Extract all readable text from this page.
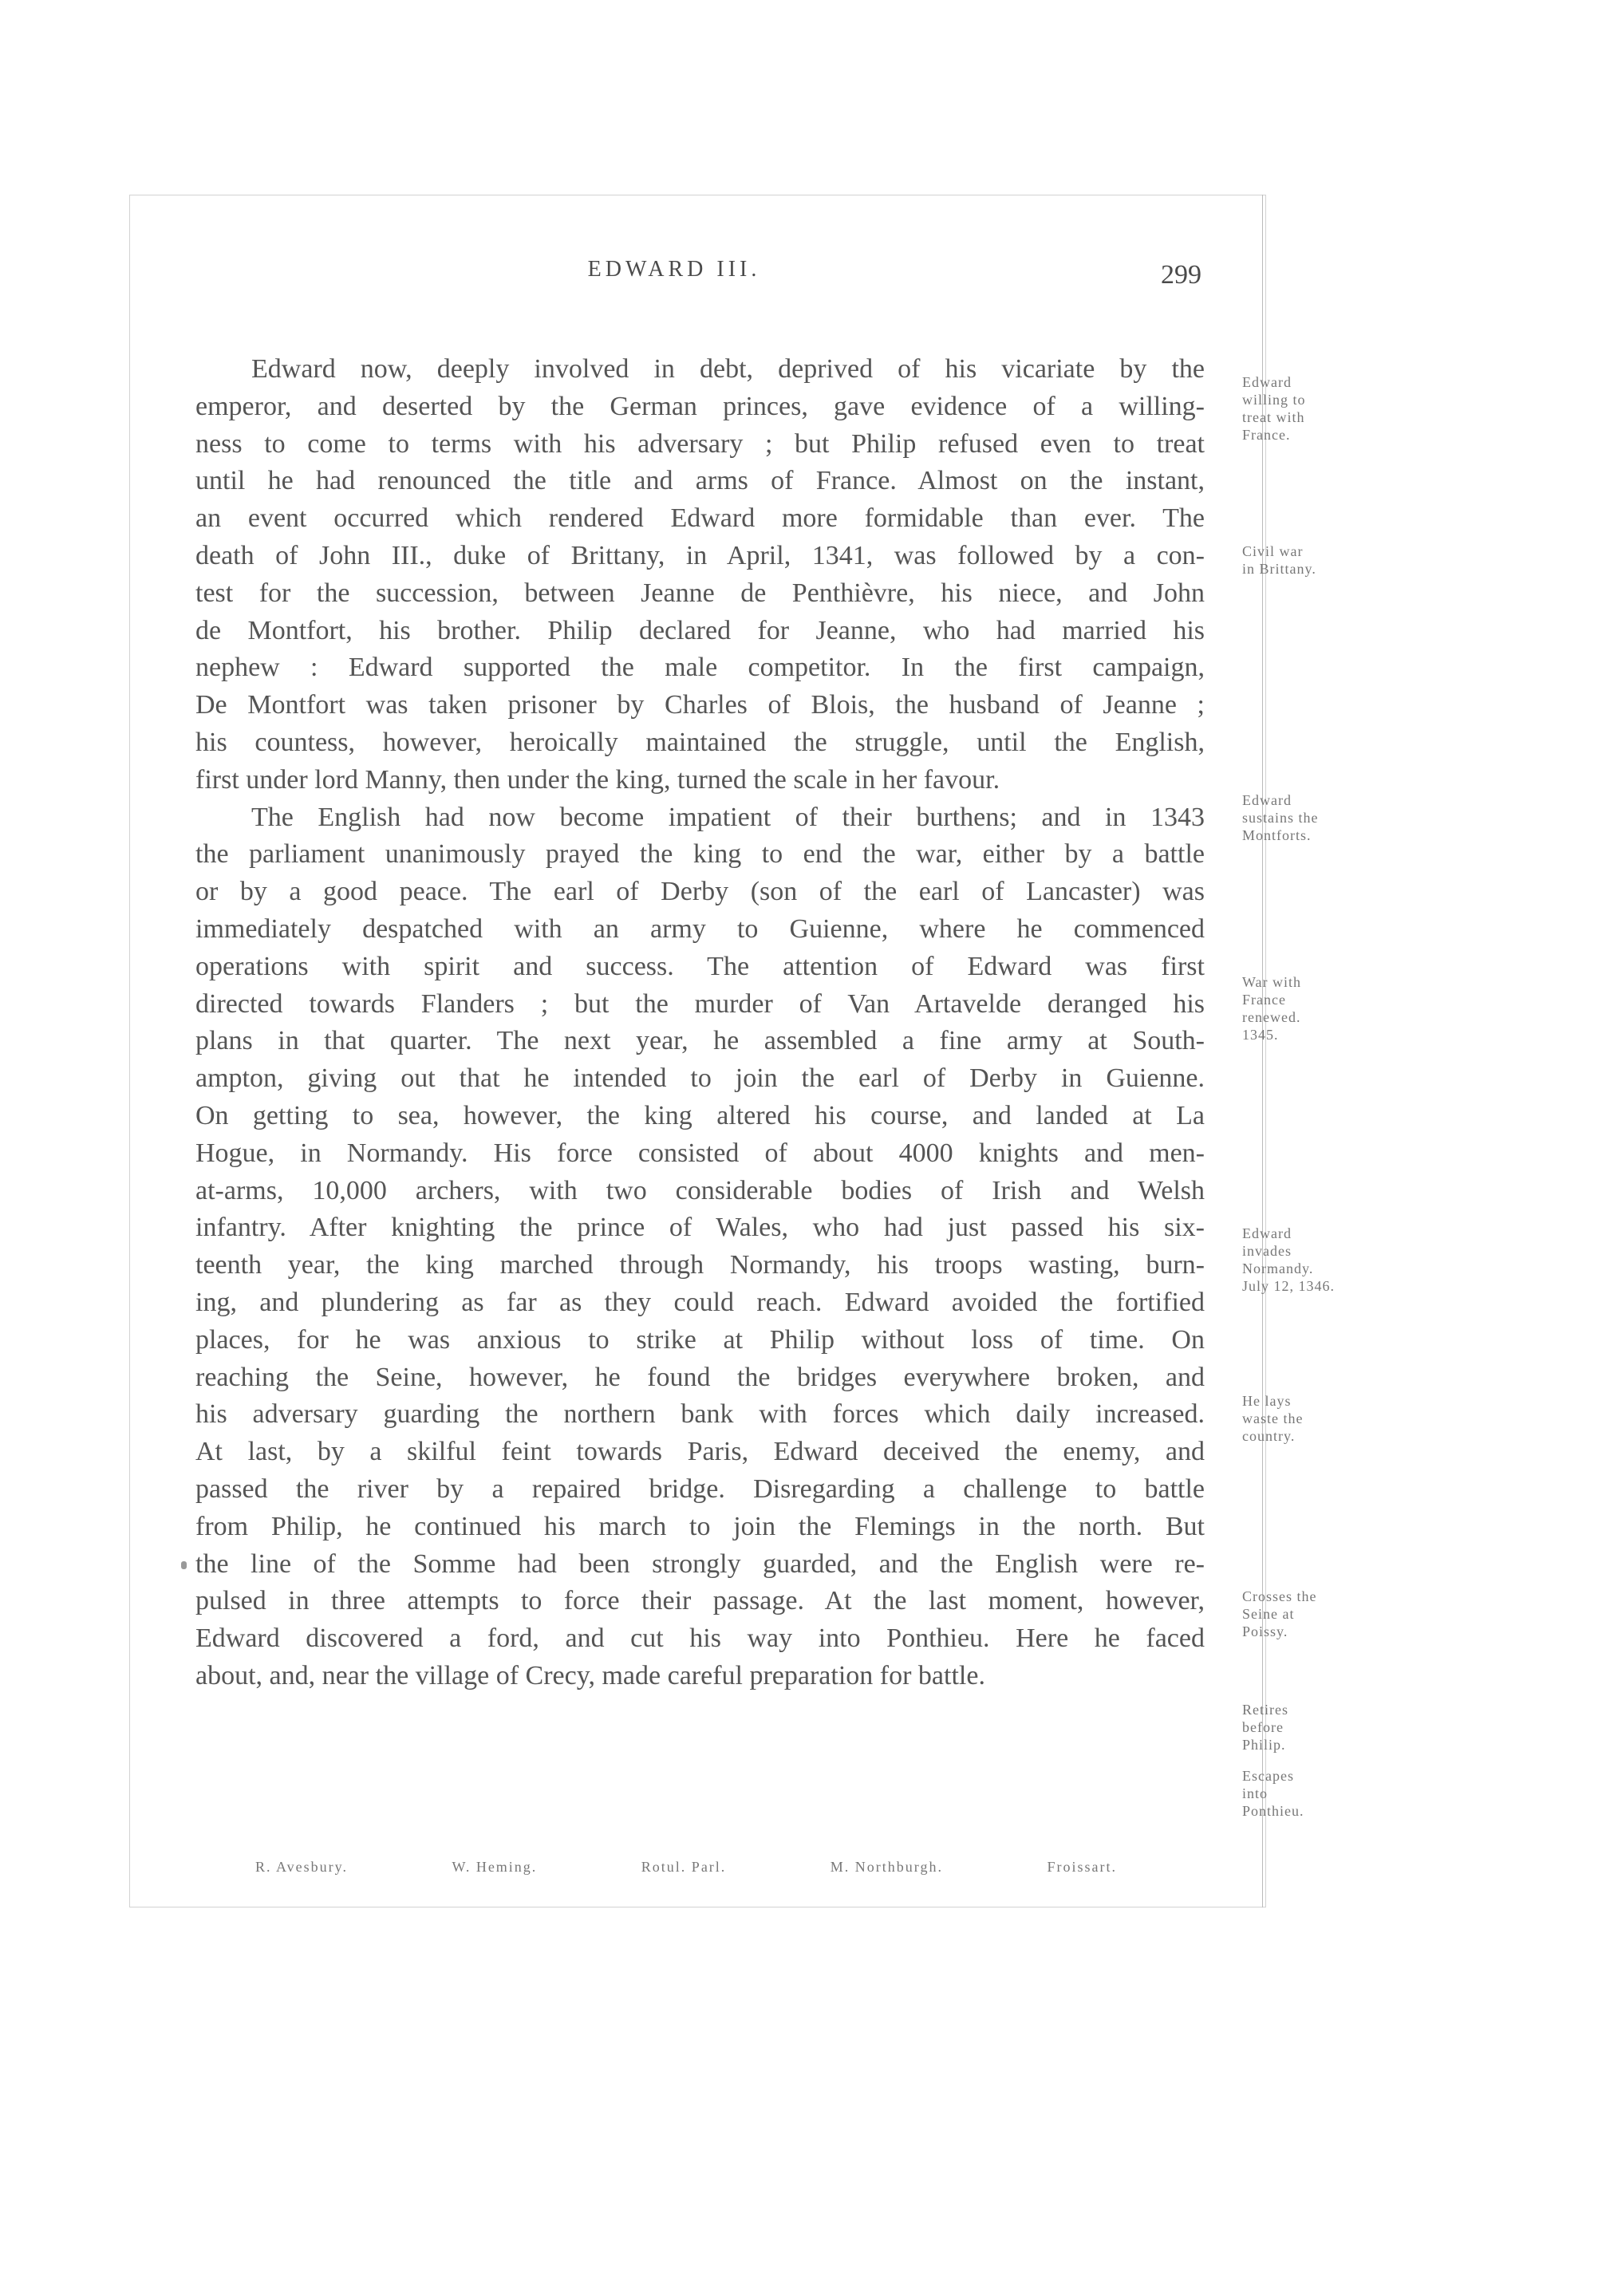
EDWARD III.	299
Edward now, deeply involved in debt, deprived of his vicariate by the
emperor, and deserted by the German princes, gave evidence of a willing-
ness to come to terms with his adversary ; but Philip refused even to treat
until he had renounced the title and arms of France. Almost on the instant,
an event occurred which rendered Edward more formidable than ever. The
death of John III., duke of Brittany, in April, 1341, was followed by a con-
test for the succession, between Jeanne de Penthièvre, his niece, and John
de Montfort, his brother. Philip declared for Jeanne, who had married his
nephew : Edward supported the male competitor. In the first campaign,
De Montfort was taken prisoner by Charles of Blois, the husband of Jeanne ;
his countess, however, heroically maintained the struggle, until the English,
first under lord Manny, then under the king, turned the scale in her favour.
The English had now become impatient of their burthens; and in 1343
the parliament unanimously prayed the king to end the war, either by a battle
or by a good peace. The earl of Derby (son of the earl of Lancaster) was
immediately despatched with an army to Guienne, where he commenced
operations with spirit and success. The attention of Edward was first
directed towards Flanders ; but the murder of Van Artavelde deranged his
plans in that quarter. The next year, he assembled a fine army at South-
ampton, giving out that he intended to join the earl of Derby in Guienne.
On getting to sea, however, the king altered his course, and landed at La
Hogue, in Normandy. His force consisted of about 4000 knights and men-
at-arms, 10,000 archers, with two considerable bodies of Irish and Welsh
infantry. After knighting the prince of Wales, who had just passed his six-
teenth year, the king marched through Normandy, his troops wasting, burn-
ing, and plundering as far as they could reach. Edward avoided the fortified
places, for he was anxious to strike at Philip without loss of time. On
reaching the Seine, however, he found the bridges everywhere broken, and
his adversary guarding the northern bank with forces which daily increased.
At last, by a skilful feint towards Paris, Edward deceived the enemy, and
passed the river by a repaired bridge. Disregarding a challenge to battle
from Philip, he continued his march to join the Flemings in the north. But
the line of the Somme had been strongly guarded, and the English were re-
pulsed in three attempts to force their passage. At the last moment, however,
Edward discovered a ford, and cut his way into Ponthieu. Here he faced
about, and, near the village of Crecy, made careful preparation for battle.
Edward
willing to
treat with
France.
Civil war
in Brittany.
Edward
sustains the
Montforts.
War with
France
renewed.
1345.
Edward
invades
Normandy.
July 12, 1346.
He lays
waste the
country.
Crosses the
Seine at
Poissy.
Retires
before
Philip.
Escapes
into
Ponthieu.
R. Avesbury.	W. Heming.	Rotul. Parl.	M. Northburgh.	Froissart.
